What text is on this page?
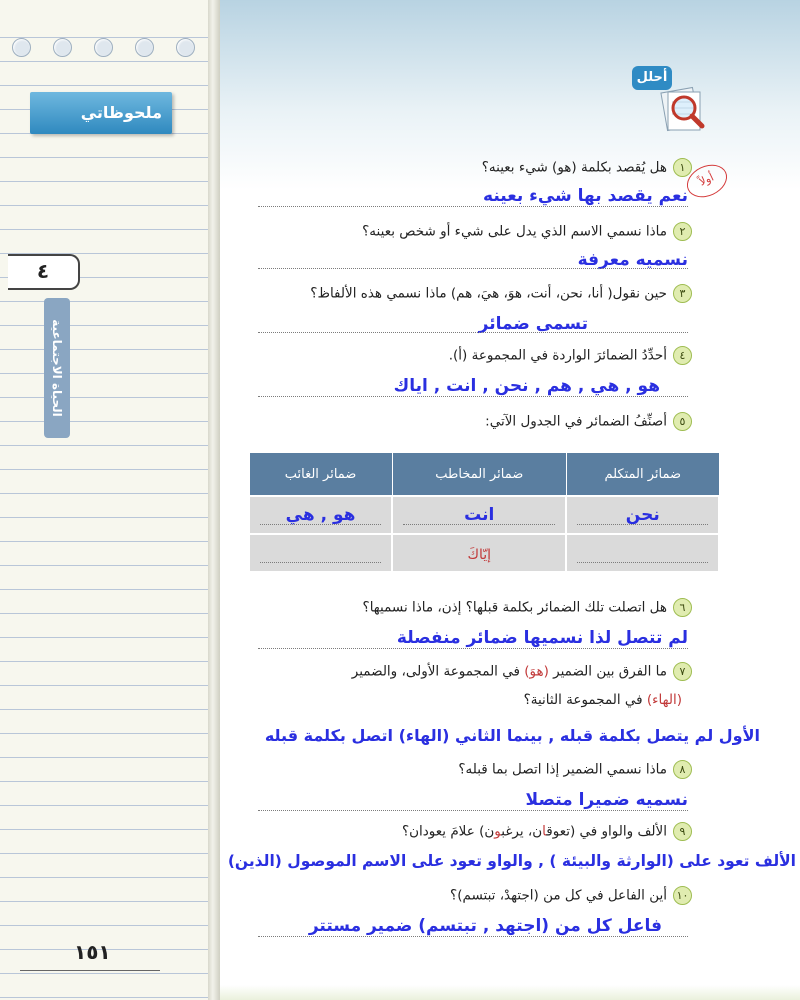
ملحوظاتي
٤
الحياة الاجتماعية
١٥١
أحلل
أولاً
١هل يُقصد بكلمة (هو) شيء بعينه؟
نعم يقصد بها شيء بعينه
٢ماذا نسمي الاسم الذي يدل على شيء أو شخص بعينه؟
نسميه معرفة
٣حين نقول( أنا، نحن، أنت، هوَ، هيَ، هم) ماذا نسمي هذه الألفاظ؟
تسمى ضمائر
٤أحدِّدُ الضمائرَ الواردة في المجموعة (أ).
هو , هي , هم , نحن , انت , اياك
٥أصنِّفُ الضمائر في الجدول الآتي:
ضمائر المتكلم	ضمائر المخاطب	ضمائر الغائب

نحن	انت	هو , هي

	إيّاكَ	
٦هل اتصلت تلك الضمائر بكلمة قبلها؟ إذن، ماذا نسميها؟
لم تتصل لذا نسميها ضمائر منفصلة
٧ما الفرق بين الضمير (هوَ) في المجموعة الأولى، والضمير
(الهاء) في المجموعة الثانية؟
الأول لم يتصل بكلمة قبله , بينما الثاني (الهاء) اتصل بكلمة قبله
٨ماذا نسمي الضمير إذا اتصل بما قبله؟
نسميه ضميرا متصلا
٩الألف والواو في (تعوقان، يرغبون) علامَ يعودان؟
الألف تعود على (الوارثة والبيئة ) , والواو تعود على الاسم الموصول (الذين)
١٠أين الفاعل في كل من (اجتهدْ، تبتسم)؟
فاعل كل من (اجتهد , تبتسم) ضمير مستتر
